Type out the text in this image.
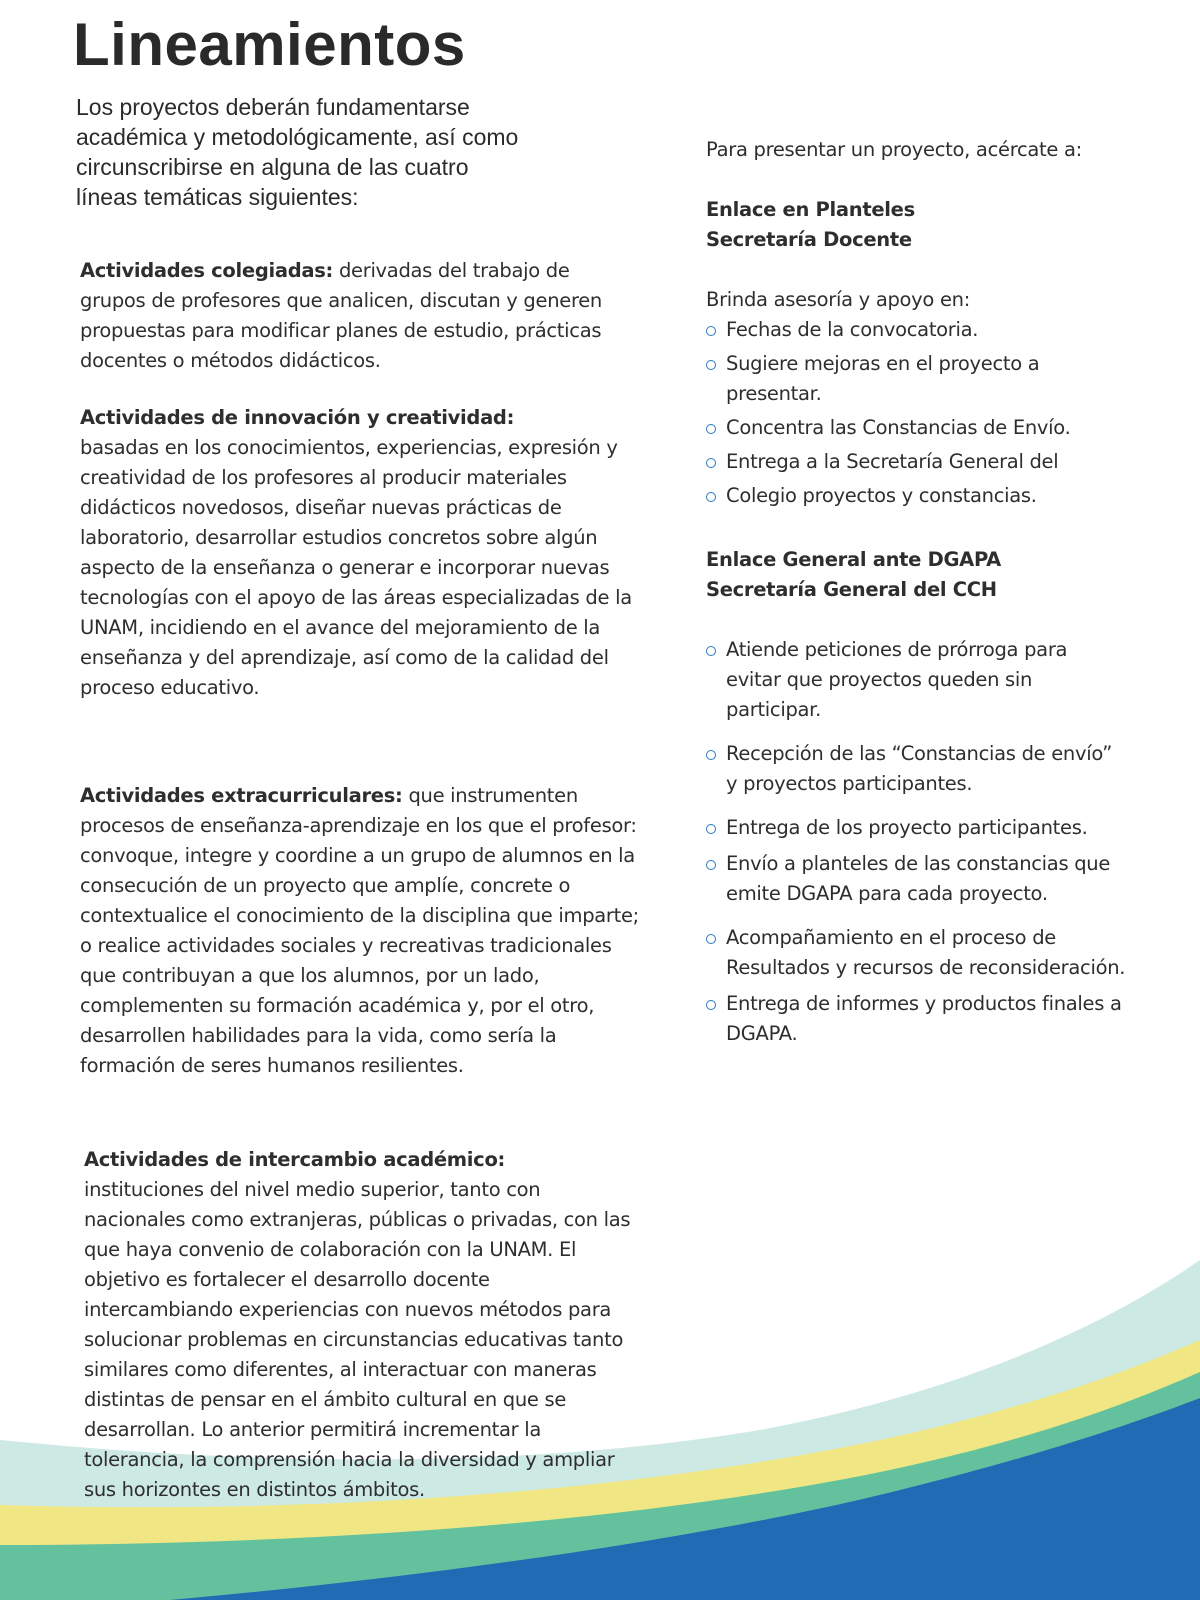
Lineamientos

Los proyectos deberán fundamentarse académica y metodológicamente, así como circunscribirse en alguna de las cuatro líneas temáticas siguientes:

Actividades colegiadas: derivadas del trabajo de grupos de profesores que analicen, discutan y generen propuestas para modificar planes de estudio, prácticas docentes o métodos didácticos.

Actividades de innovación y creatividad:
basadas en los conocimientos, experiencias, expresión y creatividad de los profesores al producir materiales didácticos novedosos, diseñar nuevas prácticas de laboratorio, desarrollar estudios concretos sobre algún aspecto de la enseñanza o generar e incorporar nuevas tecnologías con el apoyo de las áreas especializadas de la UNAM, incidiendo en el avance del mejoramiento de la enseñanza y del aprendizaje, así como de la calidad del proceso educativo.

Actividades extracurriculares: que instrumenten procesos de enseñanza-aprendizaje en los que el profesor: convoque, integre y coordine a un grupo de alumnos en la consecución de un proyecto que amplíe, concrete o contextualice el conocimiento de la disciplina que imparte; o realice actividades sociales y recreativas tradicionales que contribuyan a que los alumnos, por un lado, complementen su formación académica y, por el otro, desarrollen habilidades para la vida, como sería la formación de seres humanos resilientes.

Actividades de intercambio académico:
instituciones del nivel medio superior, tanto con nacionales como extranjeras, públicas o privadas, con las que haya convenio de colaboración con la UNAM. El objetivo es fortalecer el desarrollo docente intercambiando experiencias con nuevos métodos para solucionar problemas en circunstancias educativas tanto similares como diferentes, al interactuar con maneras distintas de pensar en el ámbito cultural en que se desarrollan. Lo anterior permitirá incrementar la tolerancia, la comprensión hacia la diversidad y ampliar sus horizontes en distintos ámbitos.

Para presentar un proyecto, acércate a:

Enlace en Planteles

Secretaría Docente

Brinda asesoría y apoyo en:

Fechas de la convocatoria.
Sugiere mejoras en el proyecto a presentar.
Concentra las Constancias de Envío.
Entrega a la Secretaría General del
Colegio proyectos y constancias.

Enlace General ante DGAPA

Secretaría General del CCH

Atiende peticiones de prórroga para evitar que proyectos queden sin participar.
Recepción de las “Constancias de envío” y proyectos participantes.
Entrega de los proyecto participantes.
Envío a planteles de las constancias que emite DGAPA para cada proyecto.
Acompañamiento en el proceso de Resultados y recursos de reconsideración.
Entrega de informes y productos finales a DGAPA.
